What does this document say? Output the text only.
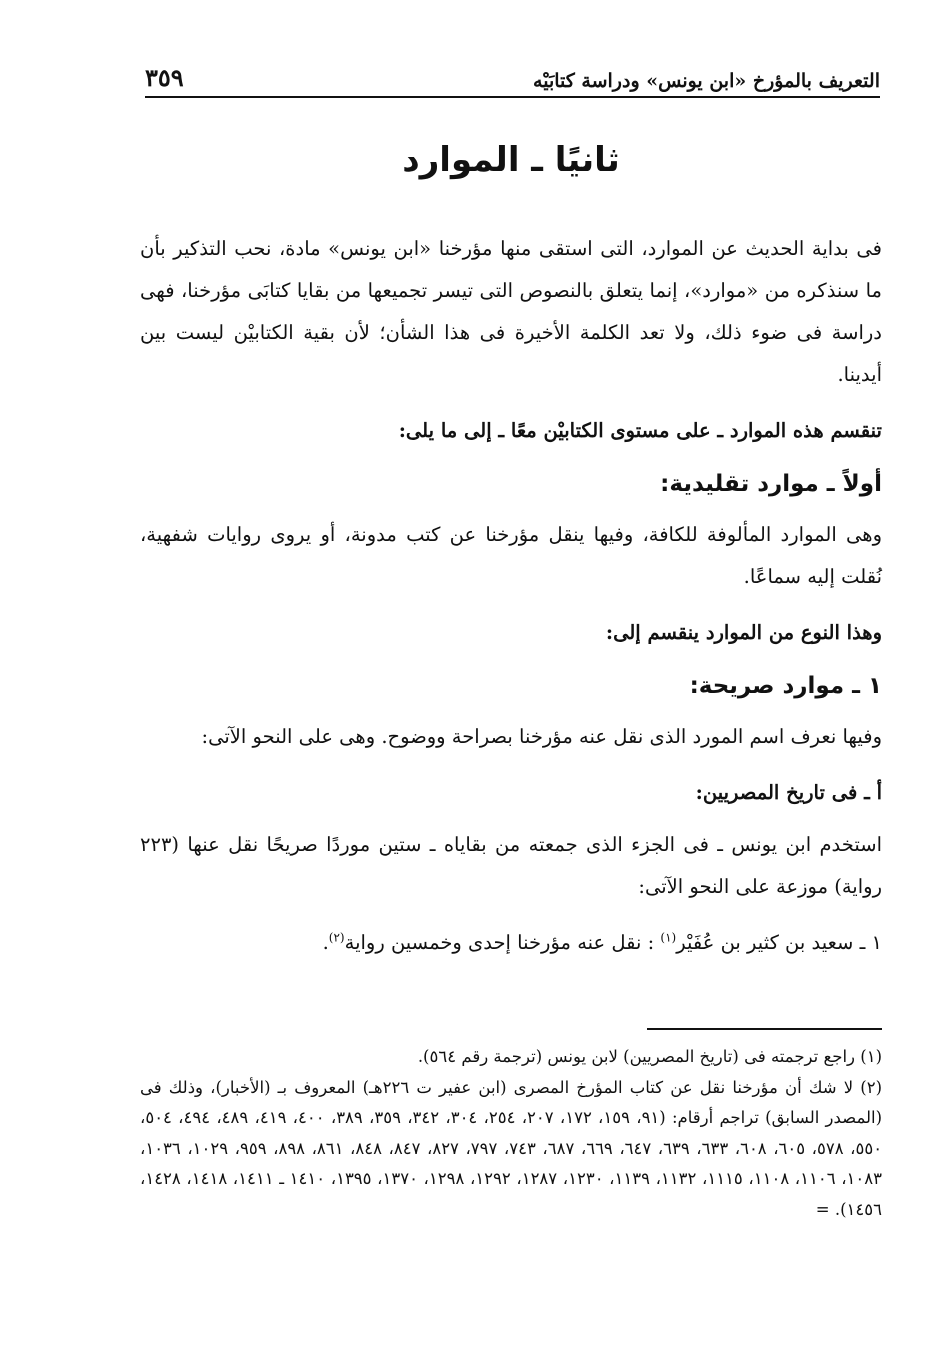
التعريف بالمؤرخ «ابن يونس» ودراسة كتابَيْه
٣٥٩
ثانيًا ـ الموارد

فى بداية الحديث عن الموارد، التى استقى منها مؤرخنا «ابن يونس» مادة، نحب التذكير بأن ما سنذكره من «موارد»، إنما يتعلق بالنصوص التى تيسر تجميعها من بقايا كتابَى مؤرخنا، فهى دراسة فى ضوء ذلك، ولا تعد الكلمة الأخيرة فى هذا الشأن؛ لأن بقية الكتابيْن ليست بين أيدينا.

تنقسم هذه الموارد ـ على مستوى الكتابيْن معًا ـ إلى ما يلى:

أولاً ـ موارد تقليدية:

وهى الموارد المألوفة للكافة، وفيها ينقل مؤرخنا عن كتب مدونة، أو يروى روايات شفهية، نُقلت إليه سماعًا.

وهذا النوع من الموارد ينقسم إلى:

١ ـ موارد صريحة:

وفيها نعرف اسم المورد الذى نقل عنه مؤرخنا بصراحة ووضوح. وهى على النحو الآتى:

أ ـ فى تاريخ المصريين:

استخدم ابن يونس ـ فى الجزء الذى جمعته من بقاياه ـ ستين موردًا صريحًا نقل عنها (٢٢٣ رواية) موزعة على النحو الآتى:

١ ـ سعيد بن كثير بن عُفَيْر$^{(١)}$ : نقل عنه مؤرخنا إحدى وخمسين رواية$^{(٢)}$.

(١) راجع ترجمته فى (تاريخ المصريين) لابن يونس (ترجمة رقم ٥٦٤).

(٢) لا شك أن مؤرخنا نقل عن كتاب المؤرخ المصرى (ابن عفير ت ٢٢٦هـ) المعروف بـ (الأخبار)، وذلك فى (المصدر السابق) تراجم أرقام: (٩١، ١٥٩، ١٧٢، ٢٠٧، ٢٥٤، ٣٠٤، ٣٤٢، ٣٥٩، ٣٨٩، ٤٠٠، ٤١٩، ٤٨٩، ٤٩٤، ٥٠٤، ٥٥٠، ٥٧٨، ٦٠٥، ٦٠٨، ٦٣٣، ٦٣٩، ٦٤٧، ٦٦٩، ٦٨٧، ٧٤٣، ٧٩٧، ٨٢٧، ٨٤٧، ٨٤٨، ٨٦١، ٨٩٨، ٩٥٩، ١٠٢٩، ١٠٣٦، ١٠٨٣، ١١٠٦، ١١٠٨، ١١١٥، ١١٣٢، ١١٣٩، ١٢٣٠، ١٢٨٧، ١٢٩٢، ١٢٩٨، ١٣٧٠، ١٣٩٥، ١٤١٠ ـ ١٤١١، ١٤١٨، ١٤٢٨، ١٤٥٦). =
